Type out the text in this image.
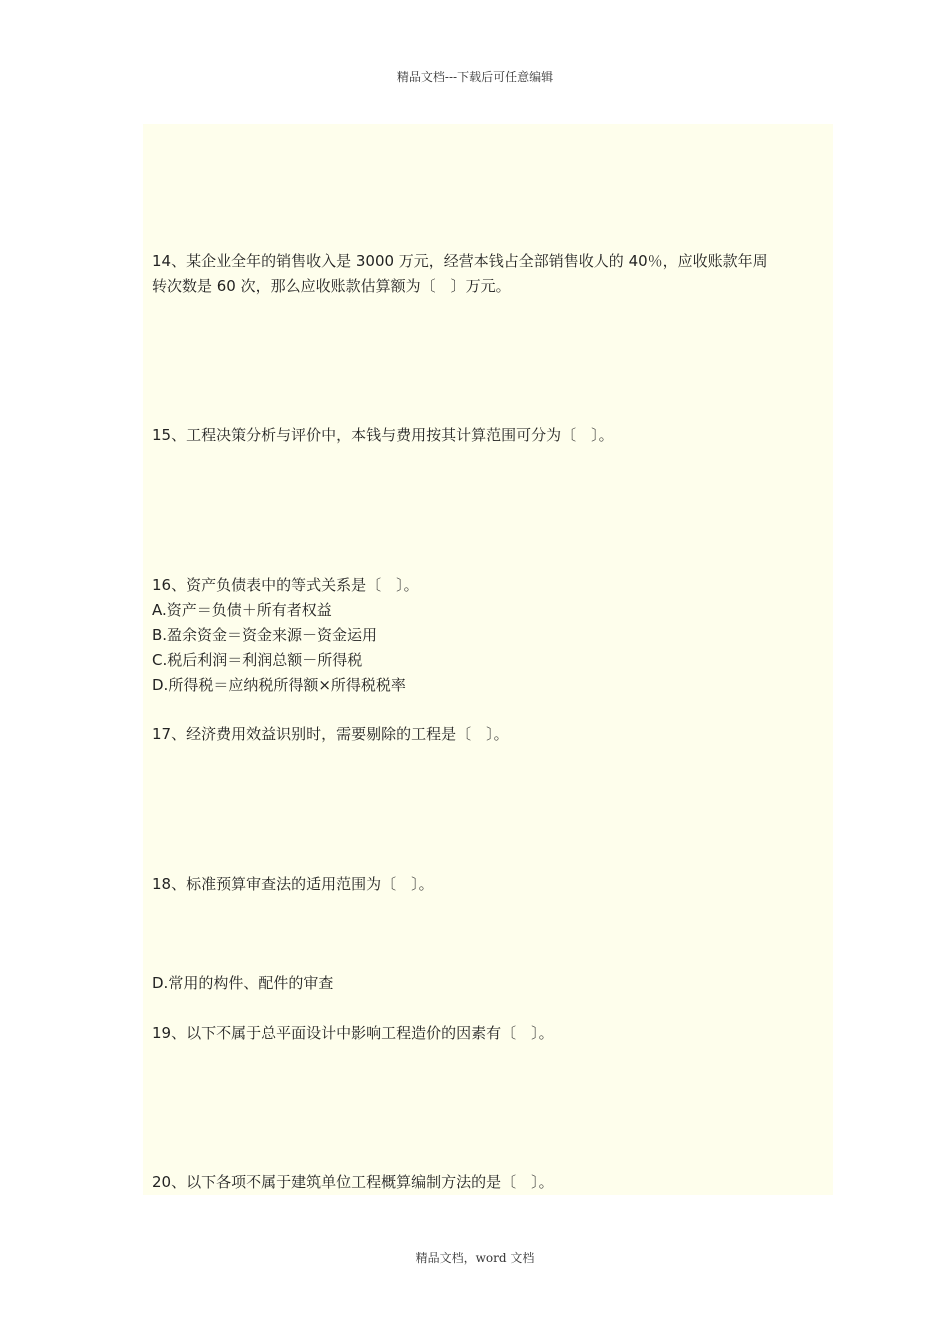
精品文档---下载后可任意编辑
14、某企业全年的销售收入是 3000 万元，经营本钱占全部销售收人的 40％，应收账款年周
转次数是 60 次，那么应收账款估算额为〔　〕万元。
15、工程决策分析与评价中，本钱与费用按其计算范围可分为〔　〕。
16、资产负债表中的等式关系是〔　〕。
A.资产＝负债＋所有者权益
B.盈余资金＝资金来源－资金运用
C.税后利润＝利润总额－所得税
D.所得税＝应纳税所得额×所得税税率
17、经济费用效益识别时，需要剔除的工程是〔　〕。
18、标准预算审查法的适用范围为〔　〕。
D.常用的构件、配件的审查
19、以下不属于总平面设计中影响工程造价的因素有〔　〕。
20、以下各项不属于建筑单位工程概算编制方法的是〔　〕。
精品文档，word 文档
